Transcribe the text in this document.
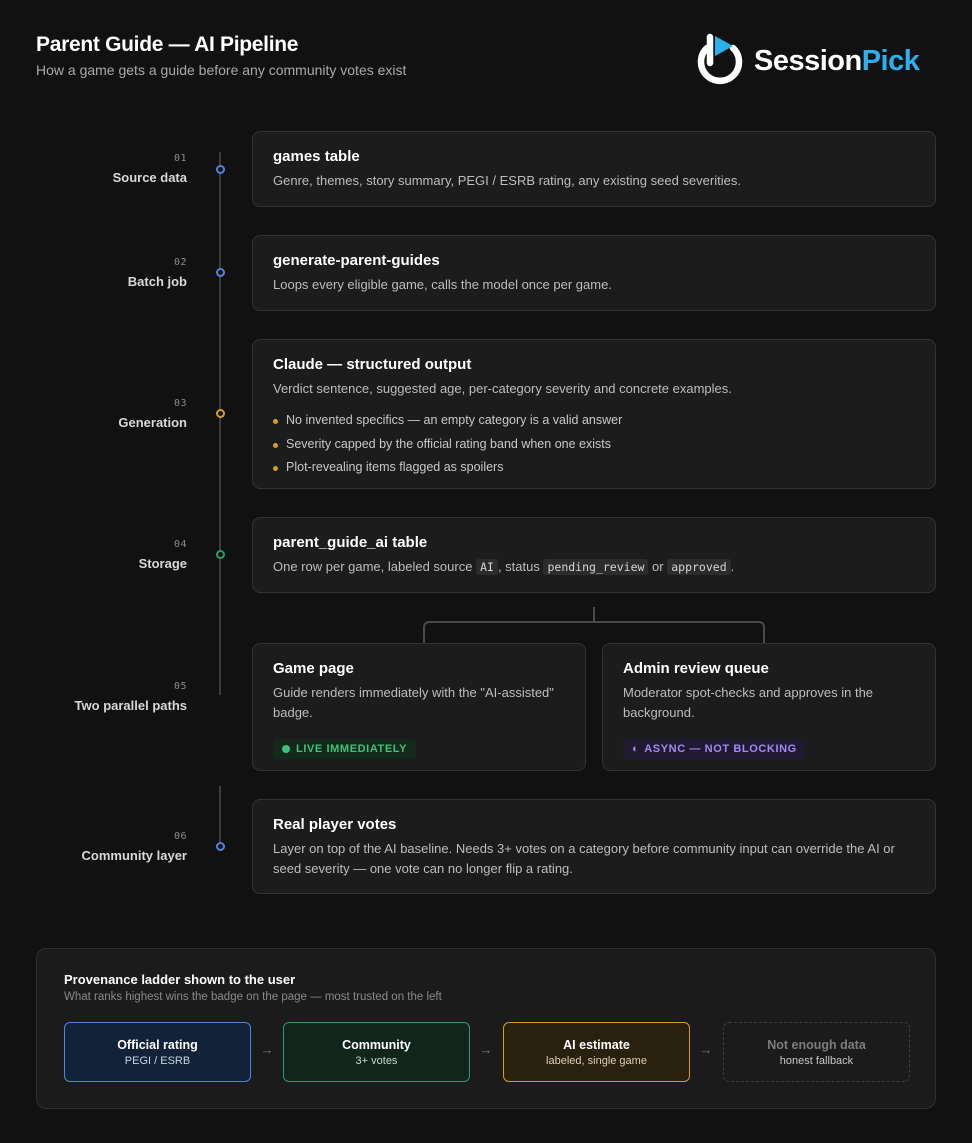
Parent Guide — AI Pipeline
How a game gets a guide before any community votes exist	SessionPick
01
Source data
games table
Genre, themes, story summary, PEGI / ESRB rating, any existing seed severities.
02
Batch job
generate-parent-guides
Loops every eligible game, calls the model once per game.
03
Generation
Claude — structured output
Verdict sentence, suggested age, per-category severity and concrete examples.
No invented specifics — an empty category is a valid answer
Severity capped by the official rating band when one exists
Plot-revealing items flagged as spoilers
04
Storage
parent_guide_ai table
One row per game, labeled source AI , status pending_review or approved .
05
Two parallel paths
Game page
Guide renders immediately with the "AI-assisted" badge.
LIVE IMMEDIATELY
Admin review queue
Moderator spot-checks and approves in the background.
◐ ASYNC — NOT BLOCKING
06
Community layer
Real player votes
Layer on top of the AI baseline. Needs 3+ votes on a category before community input can override the AI or seed severity — one vote can no longer flip a rating.
Provenance ladder shown to the user
What ranks highest wins the badge on the page — most trusted on the left
Official rating
PEGI / ESRB
→	Community
3+ votes
→	AI estimate
labeled, single game
→	Not enough data
honest fallback
